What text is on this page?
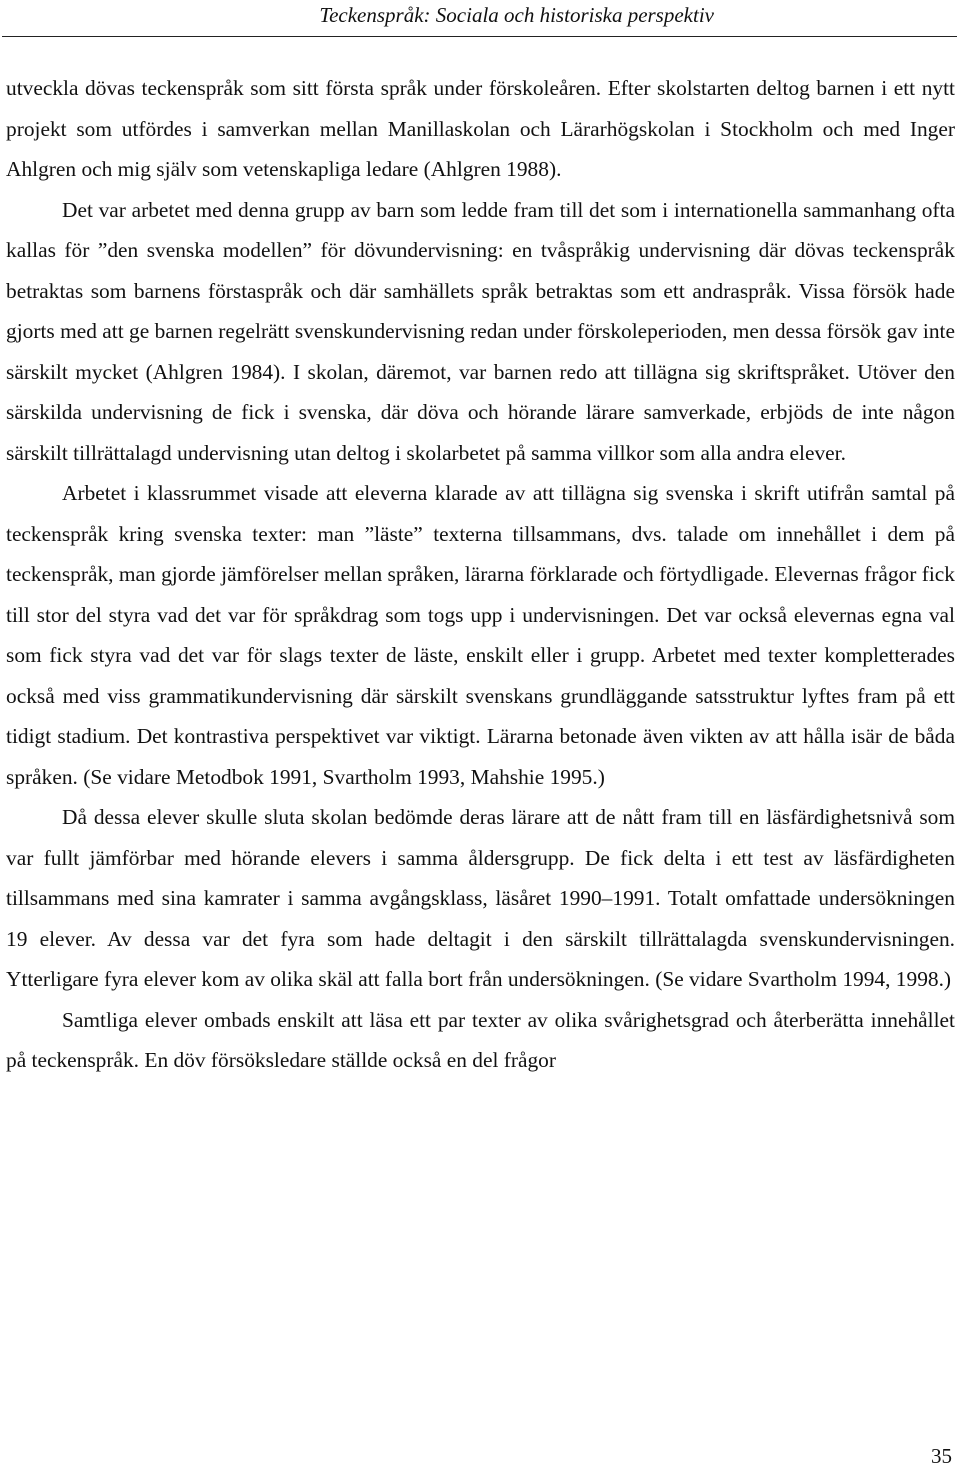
Teckenspråk: Sociala och historiska perspektiv

utveckla dövas teckenspråk som sitt första språk under förskoleåren. Efter skolstarten deltog barnen i ett nytt projekt som utfördes i samverkan mellan Manillaskolan och Lärarhögskolan i Stockholm och med Inger Ahlgren och mig själv som vetenskapliga ledare (Ahlgren 1988).

Det var arbetet med denna grupp av barn som ledde fram till det som i internationella sammanhang ofta kallas för ”den svenska modellen” för dövundervisning: en tvåspråkig undervisning där dövas teckenspråk betraktas som barnens förstaspråk och där samhällets språk betraktas som ett andraspråk. Vissa försök hade gjorts med att ge barnen regelrätt svenskundervisning redan under förskoleperioden, men dessa försök gav inte särskilt mycket (Ahlgren 1984). I skolan, däremot, var barnen redo att tillägna sig skriftspråket. Utöver den särskilda undervisning de fick i svenska, där döva och hörande lärare samverkade, erbjöds de inte någon särskilt tillrättalagd undervisning utan deltog i skolarbetet på samma villkor som alla andra elever.

Arbetet i klassrummet visade att eleverna klarade av att tillägna sig svenska i skrift utifrån samtal på teckenspråk kring svenska texter: man ”läste” texterna tillsammans, dvs. talade om innehållet i dem på teckenspråk, man gjorde jämförelser mellan språken, lärarna förklarade och förtydligade. Elevernas frågor fick till stor del styra vad det var för språkdrag som togs upp i undervisningen. Det var också elevernas egna val som fick styra vad det var för slags texter de läste, enskilt eller i grupp. Arbetet med texter kompletterades också med viss grammatikundervisning där särskilt svenskans grundläggande satsstruktur lyftes fram på ett tidigt stadium. Det kontrastiva perspektivet var viktigt. Lärarna betonade även vikten av att hålla isär de båda språken. (Se vidare Metodbok 1991, Svartholm 1993, Mahshie 1995.)

Då dessa elever skulle sluta skolan bedömde deras lärare att de nått fram till en läsfärdighetsnivå som var fullt jämförbar med hörande elevers i samma åldersgrupp. De fick delta i ett test av läsfärdigheten tillsammans med sina kamrater i samma avgångsklass, läsåret 1990–1991. Totalt omfattade undersökningen 19 elever. Av dessa var det fyra som hade deltagit i den särskilt tillrättalagda svenskundervisningen. Ytterligare fyra elever kom av olika skäl att falla bort från undersökningen. (Se vidare Svartholm 1994, 1998.)

Samtliga elever ombads enskilt att läsa ett par texter av olika svårighetsgrad och återberätta innehållet på teckenspråk. En döv försöksledare ställde också en del frågor

35
